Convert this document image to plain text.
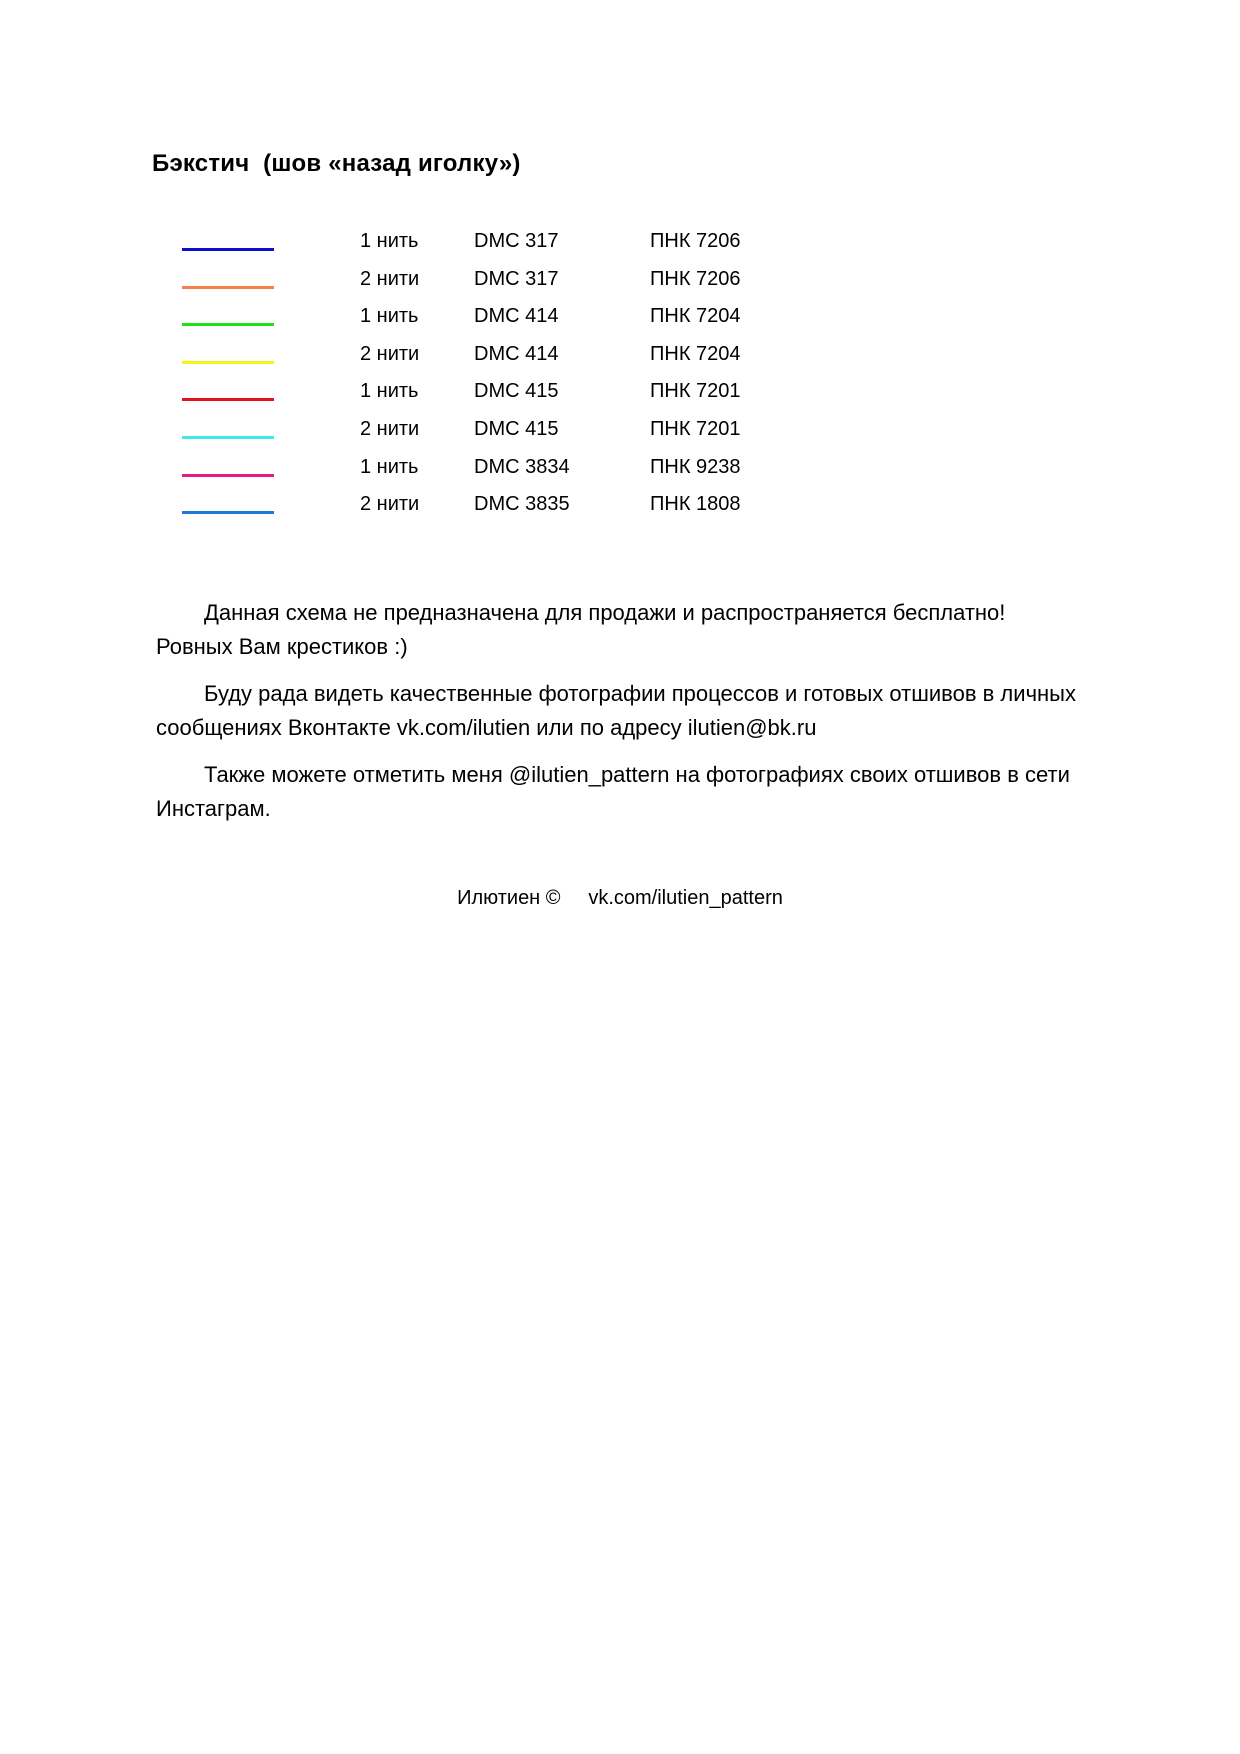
Бэкстич  (шов «назад иголку»)
1 нить	DMC 317	ПНК 7206
2 нити	DMC 317	ПНК 7206
1 нить	DMC 414	ПНК 7204
2 нити	DMC 414	ПНК 7204
1 нить	DMC 415	ПНК 7201
2 нити	DMC 415	ПНК 7201
1 нить	DMC 3834	ПНК 9238
2 нити	DMC 3835	ПНК 1808

Данная схема не предназначена для продажи и распространяется бесплатно! Ровных Вам крестиков :)

Буду рада видеть качественные фотографии процессов и готовых отшивов в личных сообщениях Вконтакте vk.com/ilutien или по адресу ilutien@bk.ru

Также можете отметить меня @ilutien_pattern на фотографиях своих отшивов в сети Инстаграм.

Илютиен © vk.com/ilutien_pattern
